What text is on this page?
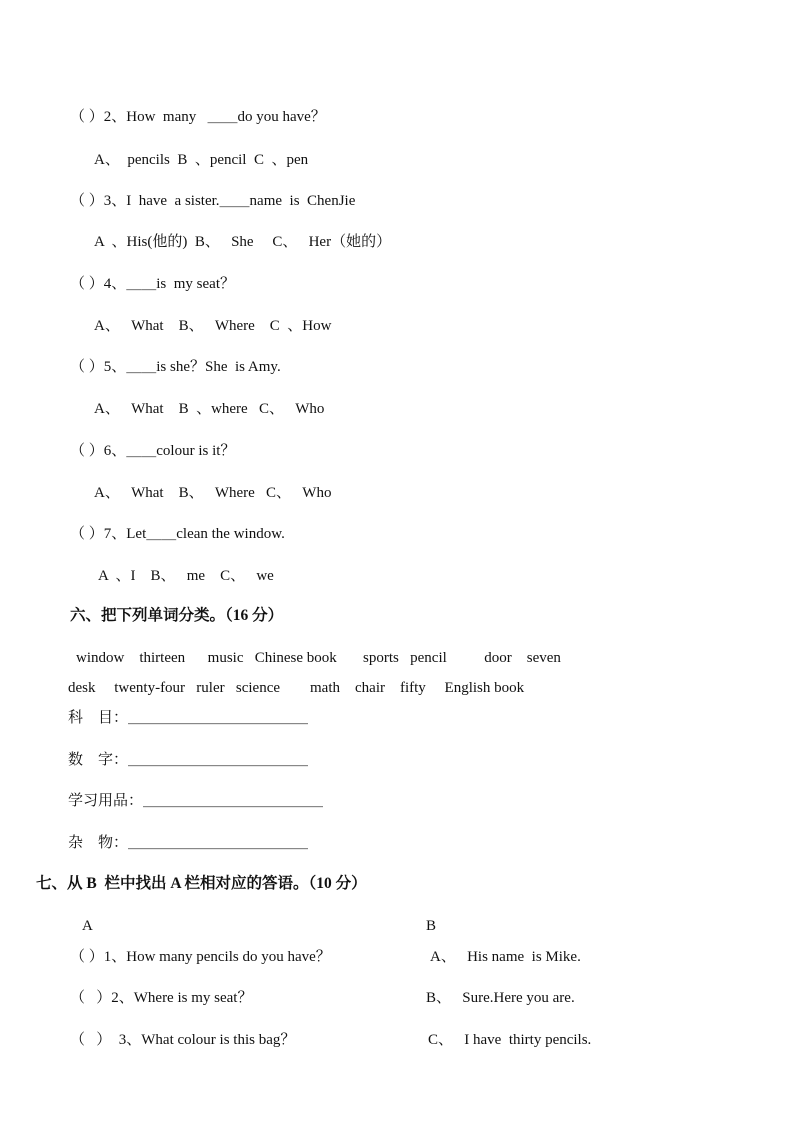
（ ）2、How  many   ＿＿do you have？
A、  pencils  B  、pencil  C  、pen
（ ）3、I  have  a sister.＿＿name  is  ChenJie
A  、His(他的)  B、   She     C、   Her（她的）
（ ）4、＿＿is  my seat？
A、   What    B、   Where    C  、How
（ ）5、＿＿is she？She  is Amy.
A、   What    B  、where   C、   Who
（ ）6、＿＿colour is it？
A、   What    B、   Where   C、   Who
（ ）7、Let＿＿clean the window.
A  、I    B、   me    C、   we
六、把下列单词分类。（16 分）
window    thirteen      music   Chinese book       sports   pencil          door    seven
desk     twenty-four   ruler   science        math    chair    fifty     English book
科    目：＿＿＿＿＿＿＿＿＿＿＿＿
数    字：＿＿＿＿＿＿＿＿＿＿＿＿
学习用品：＿＿＿＿＿＿＿＿＿＿＿＿
杂    物：＿＿＿＿＿＿＿＿＿＿＿＿
七、从 B  栏中找出 A 栏相对应的答语。（10 分）
A	B
（ ）1、How many pencils do you have？	A、   His name  is Mike.
（   ）2、Where is my seat？	B、   Sure.Here you are.
（   ）  3、What colour is this bag？	C、   I have  thirty pencils.
